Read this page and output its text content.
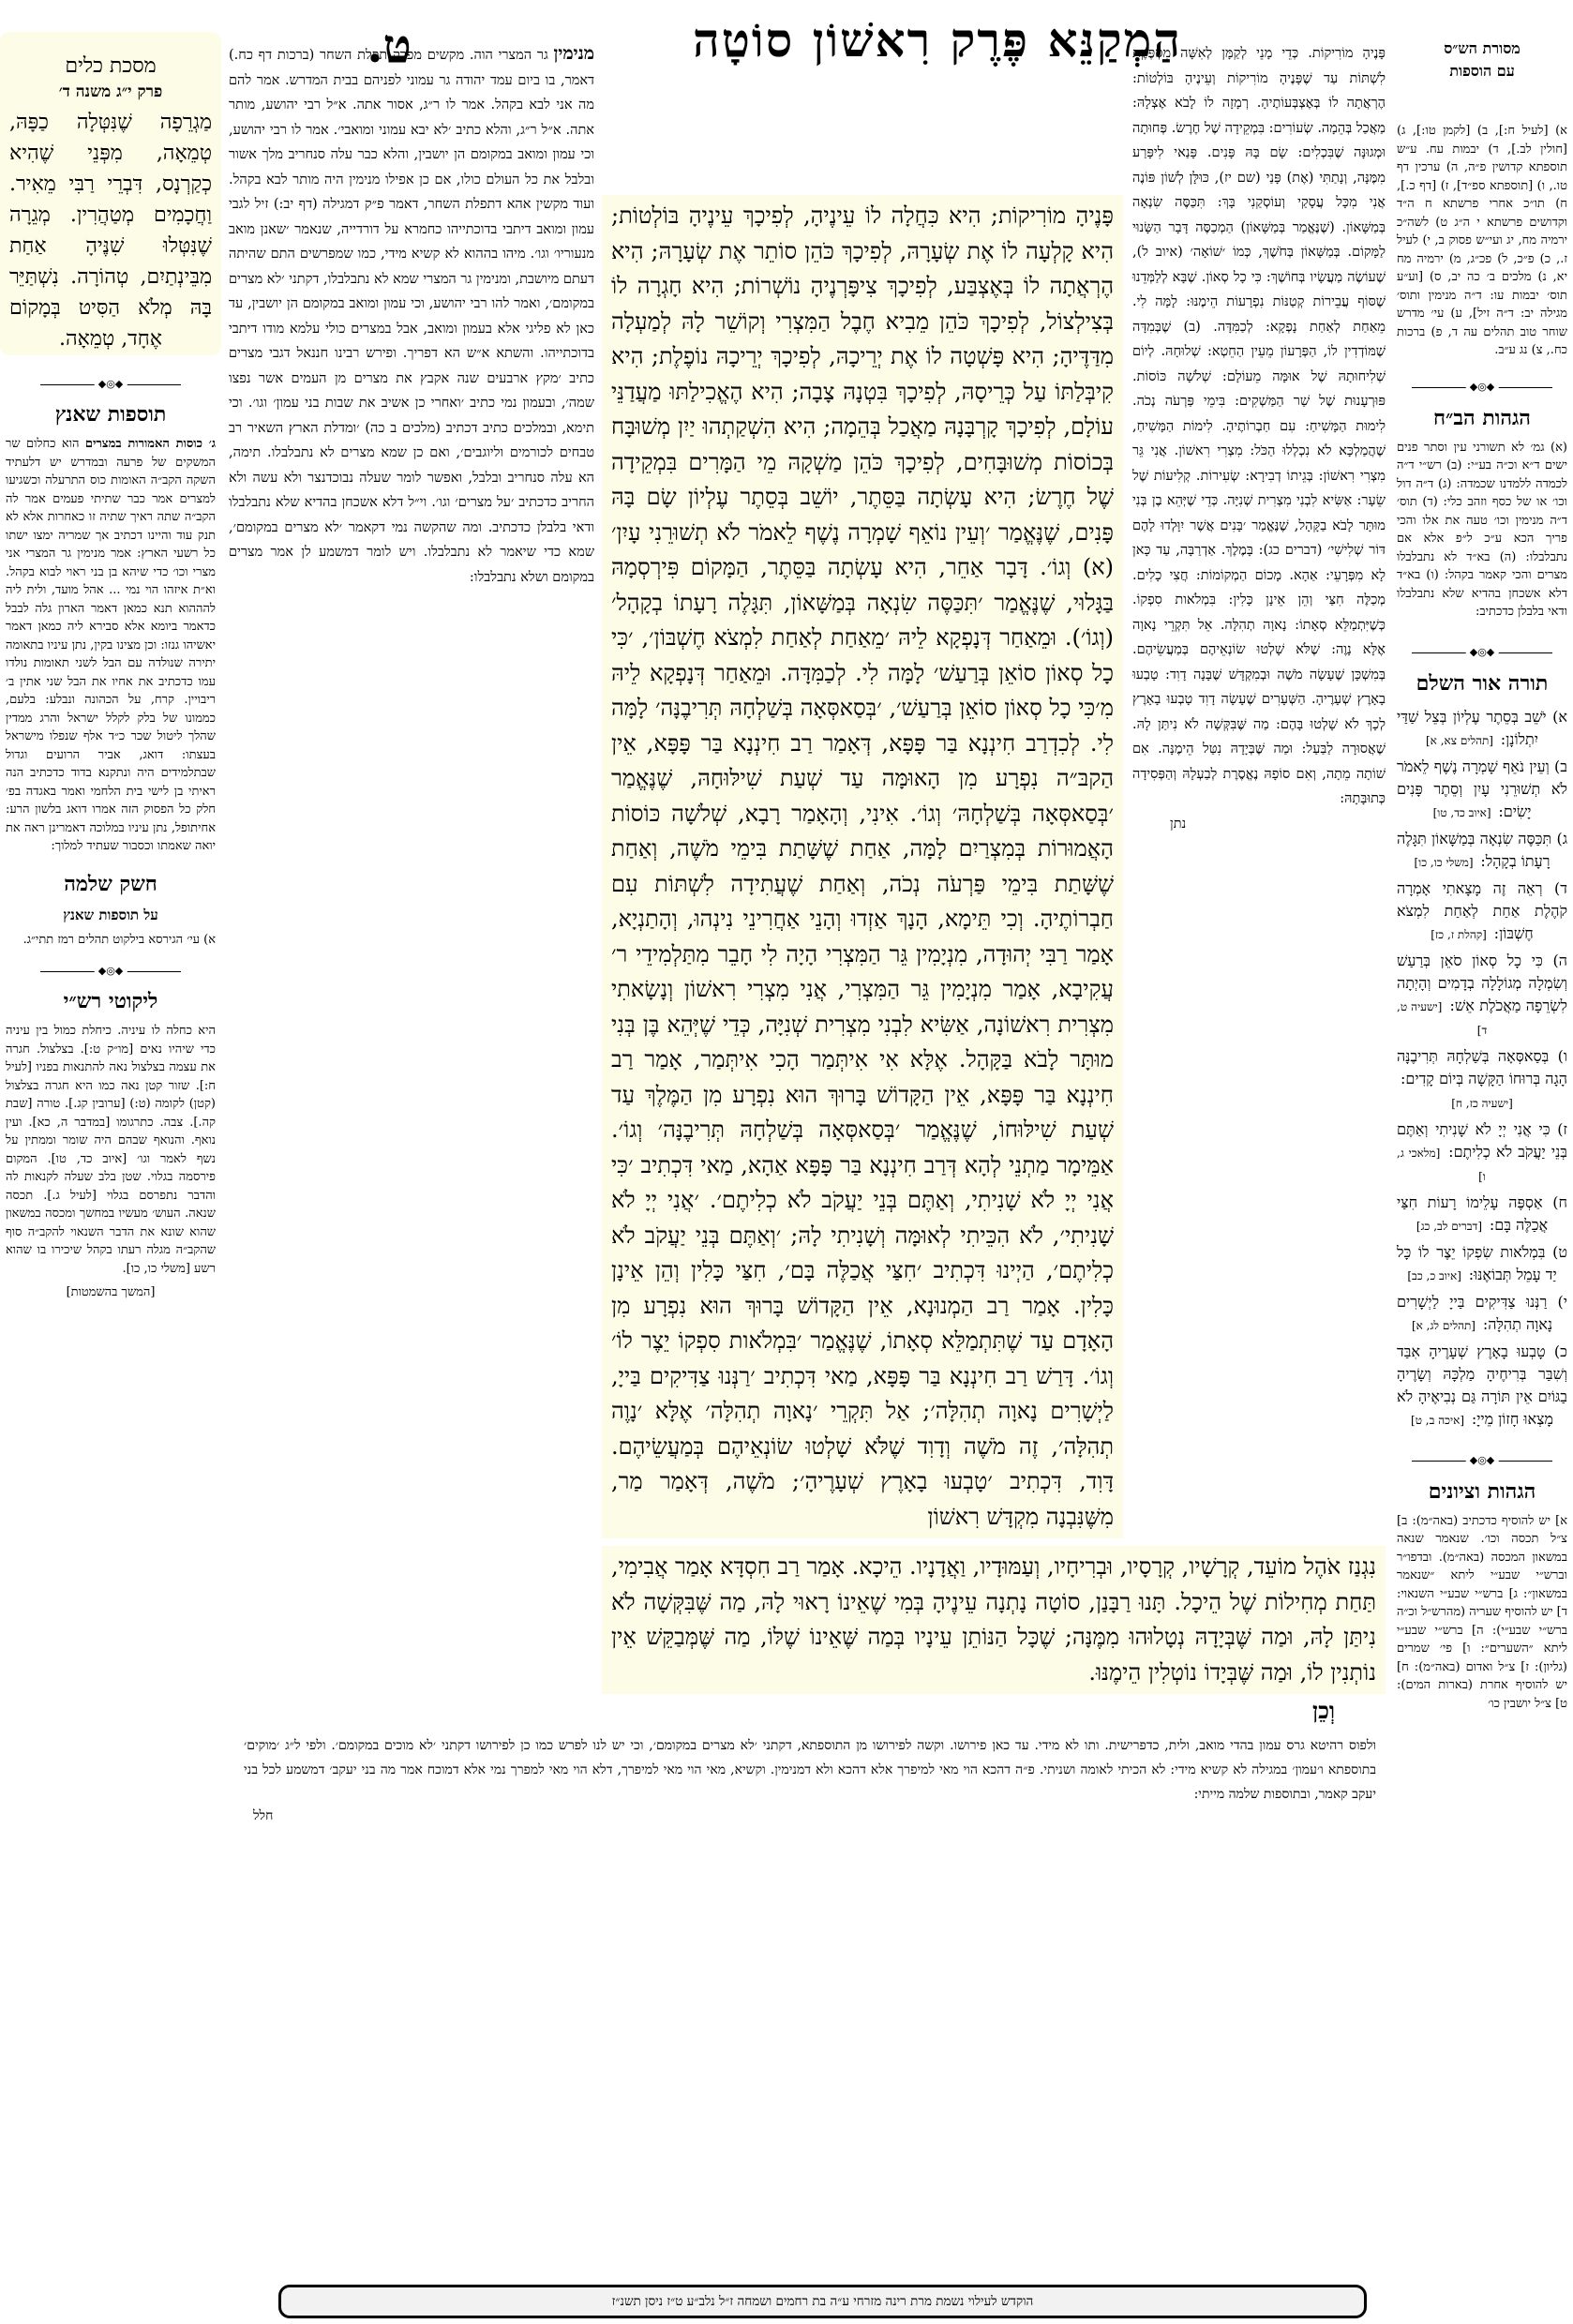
ט.	הַמְקַנֵּא פֶּרֶק רִאשׁוֹן סוֹטָה
מסכת כלים
פרק י״ג משנה ד׳
מַגְרֵפָה שֶׁנִּטְּלָה כַפָּהּ, טְמֵאָה, מִפְּנֵי שֶׁהִיא כְקַרְנָס, דִּבְרֵי רַבִּי מֵאִיר. וַחֲכָמִים מְטַהֲרִין. מְגֵרָה שֶׁנִּטְּלוּ שִׁנֶּיהָ אַחַת מִבֵּינְתַיִם, טְהוֹרָה. נִשְׁתַּיֵּר בָּהּ מְלֹא הַסִּיט בְּמָקוֹם אֶחָד, טְמֵאָה.
◆◎◆
תוספות שאנץ
ג׳ כוסות האמורות במצרים הוא כחלום שר המשקים של פרעה ובמדרש יש דלעתיד השקה הקב״ה האומות כוס התרעלה וכשגיעו למצרים אמר כבר שתיתי פעמים אמר לה הקב״ה שתה ראיך שתיה זו כאחרות אלא לא תנק עוד והיינו דכתיב אך שמריה ימצו ישתו כל רשעי הארץ: אמר מנימין גר המצרי אני מצרי וכו׳ כדי שיהא בן בני ראוי לבוא בקהל. וא״ת איזהו הוי נמי ... אהל מועד, ולית ליה להההוא תנא כמאן דאמר הארון גלה לבבל כדאמר ביומא אלא סבירא ליה כמאן דאמר יאשיהו גנזו: וכן מצינו בקין, נתן עיניו בתאומה יתירה שנולדה עם הבל לשני תאומות נולדו עמו כדכתיב את אחיו את הבל שני אתין ב׳ ריבויין. קרח, על הכהונה ונבלע: בלעם, כממונו של בלק לקלל ישראל והרג ממדין שהלך ליטול שכר כ״ד אלף שנפלו מישראל בעצתו: דואג, אביר הרועים וגדול שבתלמידים היה ונתקנא בדוד כדכתיב הנה ראיתי בן לישי בית הלחמי ואמר באגדה בפ׳ חלק כל הפסוק הזה אמרו דואג בלשון הרע: אחיתופל, נתן עיניו במלוכה דאמרינן ראה את יואה שאמתו וכסבור שעתיד למלוך:
חשק שלמה
על תוספות שאנץ
א) עי׳ הגירסא בילקוט תהלים רמז תתי״ג.
◆◎◆
ליקוטי רש״י
היא כחלה לו עיניה. כיחלת כמול בין עיניה כדי שיהיו נאים [מו״ק ט:]. בצלצול. חגרה את עצמה בצלצול נאה להתנאות בפניו [לעיל ח:]. שזור קטן נאה כמו היא חגרה בצלצול (קטן) לקומה (ט:) [ערובין קג.]. טורה [שבת קה.]. צבה. כתרגומו [במדבר ה, כא]. ועין נואף. והנואף שבהם היה שומר וממתין על נשף לאמר וגו׳ [איוב כד, טו]. המקום פירסמה בגלוי. שטן בלב שעלה לקנאות לה והדבר נתפרסם בגלוי [לעיל ג.]. תכסה שנאה. העוש׳ מעשיו במחשך ומכסה במשאון שהוא שונא את הדבר השנאוי להקב״ה סוף שהקב״ה מגלה רעתו בקהל שיכירו בו שהוא רשע [משלי כו, כו].
[המשך בהשמטות]
מסורת הש״ס
עם הוספות
א) [לעיל ח:], ב) [לקמן טו:], ג) [חולין לב.], ד) יבמות עח. ע״ש תוספתא קדושין פ״ה, ה) ערכין דף טו., ו) [תוספתא ספ״ד], ז) [דף כ.], ח) תו״כ אחרי פרשתא ח ה״ד וקדושים פרשתא י ה״ג ט) לשה״כ ירמיה מח, יג ועי״ש פסוק ב, י) לעיל ז., כ) פ״כ, ל) פכ״ג, מ) ירמיה מח יא, נ) מלכים ב׳ כה יב, ס) [וע״ע תוס׳ יבמות עו: ד״ה מנימין ותוס׳ מגילה יב: ד״ה זיל], ע) עי׳ מדרש שוחר טוב תהלים עה ד, פ) ברכות כח., צ) נג ע״ב.
◆◎◆
הגהות הב״ח
(א) גמ׳ לא תשורני עין וסתר פנים ישים ד״א וכ״ה בע״י: (ב) רש״י ד״ה לכמדה ללמדנו שכמדה: (ג) ד״ה דול וכו׳ או של כסף וזהב כלי: (ד) תוס׳ ד״ה מנימין וכו׳ טעה את אלו והכי פריך הכא ע״כ ל״פ אלא אם נתבלבלו: (ה) בא״ד לא נתבלבלו מצרים והכי קאמר בקהל: (ו) בא״ד דלא אשכחן בהדיא שלא נתבלבלו ודאי בלבלן כדכתיב:
◆◎◆
תורה אור השלם
א) יֹשֵׁב בְּסֵתֶר עֶלְיוֹן בְּצֵל שַׁדַּי יִתְלוֹנָן: [תהלים צא, א]
ב) וְעֵין נֹאֵף שָׁמְרָה נֶשֶׁף לֵאמֹר לֹא תְשׁוּרֵנִי עָיִן וְסֵתֶר פָּנִים יָשִׂים: [איוב כד, טו]
ג) תִּכַּסֶּה שִׂנְאָה בְּמַשָּׁאוֹן תִּגָּלֶה רָעָתוֹ בְקָהָל: [משלי כו, כו]
ד) רְאֵה זֶה מָצָאתִי אָמְרָה קֹהֶלֶת אַחַת לְאַחַת לִמְצֹא חֶשְׁבּוֹן: [קהלת ז, כז]
ה) כִּי כָל סְאוֹן סֹאֵן בְּרַעַשׁ וְשִׂמְלָה מְגוֹלָלָה בְדָמִים וְהָיְתָה לִשְׂרֵפָה מַאֲכֹלֶת אֵשׁ: [ישעיה ט, ד]
ו) בְּסַאסְּאָה בְּשַׁלְחָהּ תְּרִיבֶנָּה הָגָה בְּרוּחוֹ הַקָּשָׁה בְּיוֹם קָדִים: [ישעיה כז, ח]
ז) כִּי אֲנִי יְיָ לֹא שָׁנִיתִי וְאַתֶּם בְּנֵי יַעֲקֹב לֹא כְלִיתֶם: [מלאכי ג, ו]
ח) אַסְפֶּה עָלֵימוֹ רָעוֹת חִצַּי אֲכַלֶּה בָּם: [דברים לב, כג]
ט) בִּמְלֹאות שִׂפְקוֹ יֵצֶר לוֹ כָּל יַד עָמֵל תְּבוֹאֶנּוּ: [איוב כ, כב]
י) רַנְּנוּ צַדִּיקִים בַּייָ לַיְשָׁרִים נָאוָה תְהִלָּה: [תהלים לג, א]
כ) טָבְעוּ בָאָרֶץ שְׁעָרֶיהָ אִבַּד וְשִׁבַּר בְּרִיחֶיהָ מַלְכָּהּ וְשָׂרֶיהָ בַגּוֹיִם אֵין תּוֹרָה גַּם נְבִיאֶיהָ לֹא מָצְאוּ חָזוֹן מֵייָ: [איכה ב, ט]
◆◎◆
הגהות וציונים
א] יש להוסיף כדכתיב (באה״מ): ב] צ״ל תכסה וכו׳. שנאמר שנאה במשאון המכסה (באה״מ). ובדפו״ר וברש״י שבע״י ליתא ״שנאמר במשאון״: ג] ברש״י שבע״י השנאוי: ד] יש להוסיף שעריה (מהרש״ל וכ״ה ברש״י שבע״י): ה] ברש״י שבע״י ליתא ״השערים״: ו] פי׳ שמרים (גליון): ז] צ״ל ואדום (באה״מ): ח] יש להוסיף אחרת (בארות המים): ט] צ״ל יושבין כו׳
פָּנֶיהָ מוֹרִיקוֹת. כְּדֵי מָנֵי לְקַמָּן לְאִשָּׁה מִסְפֶּקֶת לִשְׁתּוֹת עַד שֶׁפָּנֶיהָ מוֹרִיקוֹת וְעֵינֶיהָ בּוֹלְטוֹת: הֶרְאֲתָה לוֹ בְּאֶצְבְּעוֹתֶיהָ. רְמָזָה לוֹ לָבֹא אֶצְלָהּ: מַאֲכַל בְּהֵמָה. שְׂעוֹרִים: בִּמְקֵידָה שֶׁל חֶרֶשׂ. פְּחוּתָה וּמְגוּנָּה שֶׁבִּכְלִים: שָׂם בָּהּ פָּנִים. פָּנַאי לִיפָּרַע מִמֶּנָּה, וְנָתַתִּי (אֶת) פָּנַי (שם יז), כּוּלָּן לְשׁוֹן פּוֹנֶה אֲנִי מִכָּל עֲסָקַי וְעוֹסְקַנִי בָּךְ: תִּכַּסֶּה שִׂנְאָה בְּמַשָּׁאוֹן. (שֶׁנֶּאֱמַר בְּמַשָּׁאוֹן) הַמְכַסֶּה דָּבָר הַשָּׂנוּי לַמָּקוֹם. בְּמַשָּׁאוֹן בְּחֹשֶׁךְ, כְּמוֹ ׳שׁוֹאָה׳ (איוב ל), שֶׁעוֹשֶׂה מַעֲשָׂיו בְּחוֹשֶׁךְ: כִּי כָל סְאוֹן. שֶׁבָּא לְלַמְּדֵנוּ שֶׁסּוֹף עֲבֵירוֹת קְטַנּוֹת נִפְרָעוֹת הֵימֶנּוּ: לָמָּה לִי. מֵאַחַת לְאַחַת נָפְקָא: לְכַמִּדָּה. (ב) שֶׁבְּמִדָּה שֶׁמּוֹדְדִין לוֹ, הַפְּרָעוֹן מֵעֵין הַחֵטְא: שְׁלוּחָהּ. לְיוֹם שְׁלִיחוּתָהּ שֶׁל אוּמָּה מֵעוֹלָם: שְׁלֹשָׁה כּוֹסוֹת. פּוּרְעָנוּת שֶׁל שַׁר הַמַּשְׁקִים: בִּימֵי פַּרְעֹה נְכֹה. לִימוּת הַמָּשִׁיחַ: עִם חַבְרוֹתֶיהָ. לִימוֹת הַמָּשִׁיחַ, שֶׁהֲמַלְכָּא לֹא נִכְלְלוּ הַכֹּל: מִצְרִי רִאשׁוֹן. אֲנִי גֵּר מִצְרִי רִאשׁוֹן: בְּגֵיתוֹ דְבִירָא: שְׂעִירוֹת. קְלִיעוֹת שֶׁל שֵׂעָר: אַשִּׂיא לִבְנִי מִצְרִית שְׁנִיָּה. כְּדֵי שֶׁיְּהֵא בֶן בְּנִי מוּתָּר לָבֹא בַקָּהָל, שֶׁנֶּאֱמַר ׳בָּנִים אֲשֶׁר יִוָּלְדוּ לָהֶם דּוֹר שְׁלִישִׁי׳ (דברים כג): בָּמֶלֶךְ. אַדְרַבָּה, עַד כָּאן לָא מִפְּרָעֵי: אַהָא. מָכוֹם הַמְקוֹמוֹת: חֲצִי כָלִים. מְכַלֶּה חִצַּי וְהֵן אֵינָן כָּלִין: בִּמְלֹאות סִפְקוֹ. כְּשֶׁיִּתְמַלֵּא סְאָתוֹ: נָאוָה תְהִלָּה. אֵל תִּקְרֵי נָאוָה אֶלָּא נָוֶה: שֶׁלֹּא שָׁלְטוּ שׂוֹנְאֵיהֶם בְּמַעֲשֵׂיהֶם. בְּמִשְׁכָּן שֶׁעָשָׂה מֹשֶׁה וּבְמִקְדָּשׁ שֶׁבָּנָה דָוִד: טָבְעוּ בָאָרֶץ שְׁעָרֶיהָ. הַשְּׁעָרִים שֶׁעָשָׂה דָוִד טָבְעוּ בָאָרֶץ לְכָךְ לֹא שָׁלְטוּ בָּהֶם: מַה שֶּׁבִּקְּשָׁה לֹא נִיתַּן לָהּ. שֶׁאֲסוּרָה לַבַּעַל: וּמַה שֶּׁבְּיָדָהּ נִטַּל הֵימֶנָּה. אִם שׁוֹתָה מֵתָה, וְאִם סוֹפָהּ נֶאֱסֶרֶת לְבַעְלָהּ וְהַפְּסִידָה כְּתוּבָּתָהּ:
נתן
מנימין גר המצרי הוה. מקשים מפרק תפלת השחר (ברכות דף כח.) דאמר, בו ביום עמד יהודה גר עמוני לפניהם בבית המדרש. אמר להם מה אני לבא בקהל. אמר לו ר״ג, אסור אתה. א״ל רבי יהושע, מותר אתה. א״ל ר״ג, והלא כתיב ׳לא יבא עמוני ומואבי׳. אמר לו רבי יהושע, וכי עמון ומואב במקומם הן יושבין, והלא כבר עלה סנחריב מלך אשור ובלבל את כל העולם כולו, אם כן אפילו מנימין היה מותר לבא בקהל. ועוד מקשין אהא דתפלת השחר, דאמר פ״ק דמגילה (דף יב:) זיל לגבי עמון ומואב דיתבי בדוכתייהו כחמרא על דורדייה, שנאמר ׳שאנן מואב מנעוריו׳ וגו׳. מיהו בההוא לא קשיא מידי, כמו שמפרשים התם שהיתה דעתם מיושבת, ומנימין גר המצרי שמא לא נתבלבלו, דקתני ׳לא מצרים במקומם׳, ואמר להו רבי יהושע, וכי עמון ומואב במקומם הן יושבין, עד כאן לא פליגי אלא בעמון ומואב, אבל במצרים כולי עלמא מודו דיתבי בדוכתייהו. והשתא א״ש הא דפריך. ופירש רבינו חננאל דגבי מצרים כתיב ׳מקץ ארבעים שנה אקבץ את מצרים מן העמים אשר נפצו שמה׳, ובעמון נמי כתיב ׳ואחרי כן אשיב את שבות בני עמון׳ וגו׳. וכי תימא, ובמלכים כתיב דכתיב (מלכים ב כה) ׳ומדלת הארץ השאיר רב טבחים לכורמים וליוגבים׳, ואם כן שמא מצרים לא נתבלבלו. תימה, הא עלה סנחריב ובלבל, ואפשר לומר שעלה נבוכדנצר ולא עשה ולא החריב כדכתיב ׳על מצרים׳ וגו׳. וי״ל דלא אשכחן בהדיא שלא נתבלבלו ודאי בלבלן כדכתיב. ומה שהקשה נמי דקאמר ׳לא מצרים במקומם׳, שמא כדי שיאמר לא נתבלבלו. ויש לומר דמשמע לן אמר מצרים במקומם ושלא נתבלבלו:
פָּנֶיהָ מוֹרִיקוֹת; הִיא כִּחֲלָה לוֹ עֵינֶיהָ, לְפִיכָךְ עֵינֶיהָ בּוֹלְטוֹת; הִיא קָלְעָה לוֹ אֶת שְׂעָרָהּ, לְפִיכָךְ כֹּהֵן סוֹתֵר אֶת שְׂעָרָהּ; הִיא הֶרְאֲתָה לוֹ בְּאֶצְבַּע, לְפִיכָךְ צִיפָּרְנֶיהָ נוֹשְׁרוֹת; הִיא חָגְרָה לוֹ בְּצִילְצוֹל, לְפִיכָךְ כֹּהֵן מֵבִיא חֶבֶל הַמִּצְרִי וְקוֹשֵׁר לָהּ לְמַעְלָה מִדַּדֶּיהָ; הִיא פָּשְׁטָה לוֹ אֶת יְרֵיכָהּ, לְפִיכָךְ יְרֵיכָהּ נוֹפֶלֶת; הִיא קִיבְּלַתּוֹ עַל כְּרֵיסָהּ, לְפִיכָךְ בִּטְנָהּ צָבָה; הִיא הֶאֱכִילַתּוּ מַעֲדַנֵּי עוֹלָם, לְפִיכָךְ קָרְבָּנָהּ מַאֲכַל בְּהֵמָה; הִיא הִשְׁקַתְהוּ יַיִן מְשׁוּבָּח בְּכוֹסוֹת מְשׁוּבָּחִים, לְפִיכָךְ כֹּהֵן מַשְׁקָהּ מֵי הַמָּרִים בִּמְקֵידָה שֶׁל חֶרֶשׂ; הִיא עָשְׂתָה בַּסֵּתֶר, יוֹשֵׁב בְּסֵתֶר עֶלְיוֹן שָׂם בָּהּ פָּנִים, שֶׁנֶּאֱמַר ׳וְעֵין נוֹאֵף שָׁמְרָה נֶשֶׁף לֵאמֹר לֹא תְשׁוּרֵנִי עָיִן׳ (א) וְגוֹ׳. דָּבָר אַחֵר, הִיא עָשְׂתָה בַּסֵּתֶר, הַמָּקוֹם פִּירְסְמָהּ בַּגָּלוּי, שֶׁנֶּאֱמַר ׳תִּכַּסֶּה שִׂנְאָה בְּמַשָּׁאוֹן, תִּגָּלֶה רָעָתוֹ בְקָהָל׳ (וְגוֹ׳). וּמֵאַחַר דְּנָפְקָא לֵיהּ ׳מֵאַחַת לְאַחַת לִמְצֹא חֶשְׁבּוֹן׳, ׳כִּי כָל סְאוֹן סוֹאֵן בְּרַעַשׁ׳ לָמָּה לִי. לְכַמִּדָּה. וּמֵאַחַר דְּנָפְקָא לֵיהּ מִ׳כִּי כָל סְאוֹן סוֹאֵן בְּרַעַשׁ׳, ׳בְּסַאסְּאָה בְּשַׁלְחָהּ תְּרִיבֶנָּה׳ לָמָּה לִי. לְכִדְרַב חִינְנָא בַּר פָּפָּא, דְּאָמַר רַב חִינְנָא בַּר פָּפָּא, אֵין הַקבּ״ה נִפְרָע מִן הָאוּמָּה עַד שְׁעַת שִׁילּוּחָהּ, שֶׁנֶּאֱמַר ׳בְּסַאסְּאָה בְּשַׁלְחָהּ׳ וְגוֹ׳. אִינִי, וְהָאָמַר רָבָא, שְׁלֹשָׁה כּוֹסוֹת הָאֲמוּרוֹת בְּמִצְרַיִם לָמָּה, אַחַת שֶׁשָּׁתַת בִּימֵי מֹשֶׁה, וְאַחַת שֶׁשָּׁתַת בִּימֵי פַּרְעֹה נְכֹה, וְאַחַת שֶׁעֲתִידָה לִשְׁתּוֹת עִם חַבְרוֹתֶיהָ. וְכִי תֵּימָא, הָנָךְ אַזְדוּ וְהָנֵי אַחֲרִינֵי נִינְהוּ, וְהָתַנְיָא, אָמַר רַבִּי יְהוּדָה, מִנְיָמִין גֵּר הַמִּצְרִי הָיָה לִי חָבֵר מִתַּלְמִידֵי ר׳ עֲקִיבָא, אָמַר מִנְיָמִין גֵּר הַמִּצְרִי, אֲנִי מִצְרִי רִאשׁוֹן וְנָשָׂאתִי מִצְרִית רִאשׁוֹנָה, אַשִּׂיא לִבְנִי מִצְרִית שְׁנִיָּה, כְּדֵי שֶׁיְּהֵא בֶּן בְּנִי מוּתָּר לָבֹא בַּקָּהָל. אֶלָּא אִי אִיתְּמַר הָכִי אִיתְּמַר, אָמַר רַב חִינְנָא בַּר פָּפָּא, אֵין הַקָּדוֹשׁ בָּרוּךְ הוּא נִפְרָע מִן הַמֶּלֶךְ עַד שְׁעַת שִׁילּוּחוֹ, שֶׁנֶּאֱמַר ׳בְּסַאסְּאָה בְּשַׁלְחָהּ תְּרִיבֶנָּה׳ וְגוֹ׳. אַמֵּימָר מַתְנֵי לְהָא דְּרַב חִינְנָא בַּר פָּפָּא אַהָא, מַאי דִּכְתִיב ׳כִּי אֲנִי יְיָ לֹא שָׁנִיתִי, וְאַתֶּם בְּנֵי יַעֲקֹב לֹא כְלִיתֶם׳. ׳אֲנִי יְיָ לֹא שָׁנִיתִי׳, לֹא הִכֵּיתִי לְאוּמָּה וְשָׁנִיתִי לָהּ; ׳וְאַתֶּם בְּנֵי יַעֲקֹב לֹא כְלִיתֶם׳, הַיְינוּ דִּכְתִיב ׳חִצַּי אֲכַלֶּה בָּם׳, חִצַּי כָּלִין וְהֵן אֵינָן כָּלִין. אָמַר רַב הַמְנוּנָא, אֵין הַקָּדוֹשׁ בָּרוּךְ הוּא נִפְרָע מִן הָאָדָם עַד שֶׁתִּתְמַלֵּא סְאָתוֹ, שֶׁנֶּאֱמַר ׳בִּמְלֹאות סִפְקוֹ יֵצֶר לוֹ׳ וְגוֹ׳. דָּרַשׁ רַב חִינְנָא בַּר פָּפָּא, מַאי דִּכְתִיב ׳רַנְּנוּ צַדִּיקִים בַּייָ, לַיְשָׁרִים נָאוָה תְהִלָּה׳; אַל תִּקְרֵי ׳נָאוָה תְהִלָּה׳ אֶלָּא ׳נָוֶה תְהִלָּה׳, זֶה מֹשֶׁה וְדָוִד שֶׁלֹּא שָׁלְטוּ שׂוֹנְאֵיהֶם בְּמַעֲשֵׂיהֶם. דָּוִד, דִּכְתִיב ׳טָבְעוּ בָאָרֶץ שְׁעָרֶיהָ׳; מֹשֶׁה, דְּאָמַר מַר, מִשֶּׁנִּבְנָה מִקְדָּשׁ רִאשׁוֹן
נִגְנַז אֹהֶל מוֹעֵד, קְרָשָׁיו, קְרָסָיו, וּבְרִיחָיו, וְעַמּוּדָיו, וַאֲדָנָיו. הֵיכָא. אָמַר רַב חִסְדָּא אָמַר אֲבִימִי, תַּחַת מְחִילוֹת שֶׁל הֵיכָל. תָּנוּ רַבָּנַן, סוֹטָה נָתְנָה עֵינֶיהָ בְּמִי שֶׁאֵינוֹ רָאוּי לָהּ, מַה שֶּׁבִּקְּשָׁה לֹא נִיתַּן לָהּ, וּמַה שֶּׁבְּיָדָהּ נְטָלוּהוּ מִמֶּנָּה; שֶׁכָּל הַנּוֹתֵן עֵינָיו בְּמַה שֶּׁאֵינוֹ שֶׁלּוֹ, מַה שֶּׁמְּבַקֵּשׁ אֵין נוֹתְנִין לוֹ, וּמַה שֶּׁבְּיָדוֹ נוֹטְלִין הֵימֶנּוּ.
וְכֵן
ולפוס רהיטא גרס עמון בהדי מואב, ולית, כדפרישית. ותו לא מידי. עד כאן פירושו. וקשה לפירושו מן התוספתא, דקתני ׳לא מצרים במקומם׳, וכי יש לנו לפרש כמו כן לפירושו דקתני ׳לא מוכים במקומם׳. ולפי ל״ג ׳מוקים׳ בתוספתא ו׳עמון׳ במגילה לא קשיא מידי: לא הכיתי לאומה ושניתי. פ״ה דהכא הוי מאי למיפרך אלא דהכא ולא דמנימין. וקשיא, מאי הוי מאי למיפרך, דלא הוי מאי למפרך נמי אלא דמוכח אמר מה בני יעקב׳ דמשמע לכל בני יעקב קאמר, ובתוספות שלמה מייתי:
חלל
הוקדש לעילוי נשמת מרת רינה מזרחי ע״ה בת רחמים ושמחה ז״ל נלב״ע ט״ז ניסן תשנ״ז
